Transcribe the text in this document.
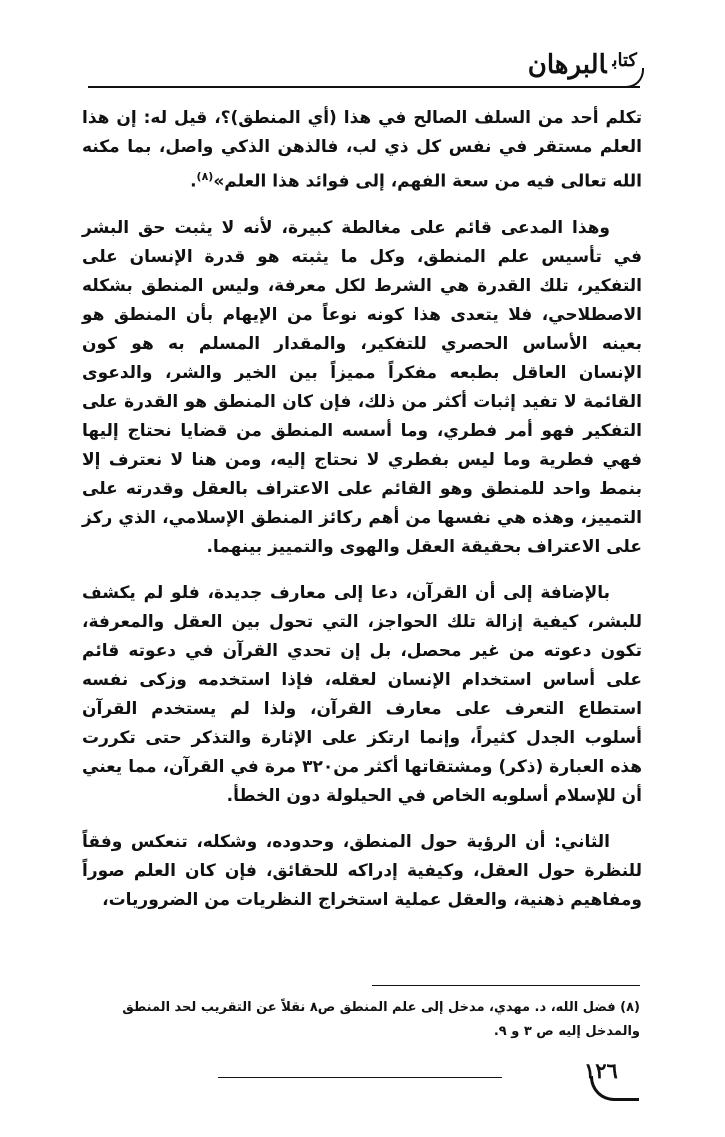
$^{كتاب}$البرهان

تكلم أحد من السلف الصالح في هذا (أي المنطق)؟، قيل له: إن هذا العلم مستقر في نفس كل ذي لب، فالذهن الذكي واصل، بما مكنه الله تعالى فيه من سعة الفهم، إلى فوائد هذا العلم»$^{(٨)}$.

وهذا المدعى قائم على مغالطة كبيرة، لأنه لا يثبت حق البشر في تأسيس علم المنطق، وكل ما يثبته هو قدرة الإنسان على التفكير، تلك القدرة هي الشرط لكل معرفة، وليس المنطق بشكله الاصطلاحي، فلا يتعدى هذا كونه نوعاً من الإيهام بأن المنطق هو بعينه الأساس الحصري للتفكير، والمقدار المسلم به هو كون الإنسان العاقل بطبعه مفكراً مميزاً بين الخير والشر، والدعوى القائمة لا تفيد إثبات أكثر من ذلك، فإن كان المنطق هو القدرة على التفكير فهو أمر فطري، وما أسسه المنطق من قضايا نحتاج إليها فهي فطرية وما ليس بفطري لا نحتاج إليه، ومن هنا لا نعترف إلا بنمط واحد للمنطق وهو القائم على الاعتراف بالعقل وقدرته على التمييز، وهذه هي نفسها من أهم ركائز المنطق الإسلامي، الذي ركز على الاعتراف بحقيقة العقل والهوى والتمييز بينهما.

بالإضافة إلى أن القرآن، دعا إلى معارف جديدة، فلو لم يكشف للبشر، كيفية إزالة تلك الحواجز، التي تحول بين العقل والمعرفة، تكون دعوته من غير محصل، بل إن تحدي القرآن في دعوته قائم على أساس استخدام الإنسان لعقله، فإذا استخدمه وزكى نفسه استطاع التعرف على معارف القرآن، ولذا لم يستخدم القرآن أسلوب الجدل كثيراً، وإنما ارتكز على الإثارة والتذكر حتى تكررت هذه العبارة (ذكر) ومشتقاتها أكثر من٣٢٠ مرة في القرآن، مما يعني أن للإسلام أسلوبه الخاص في الحيلولة دون الخطأ.

الثاني: أن الرؤية حول المنطق، وحدوده، وشكله، تنعكس وفقاً للنظرة حول العقل، وكيفية إدراكه للحقائق، فإن كان العلم صوراً ومفاهيم ذهنية، والعقل عملية استخراج النظريات من الضروريات،

(٨) فضل الله، د. مهدي، مدخل إلى علم المنطق ص٨ نقلاً عن التقريب لحد المنطق والمدخل إليه ص ٣ و ٩.
١٢٦
